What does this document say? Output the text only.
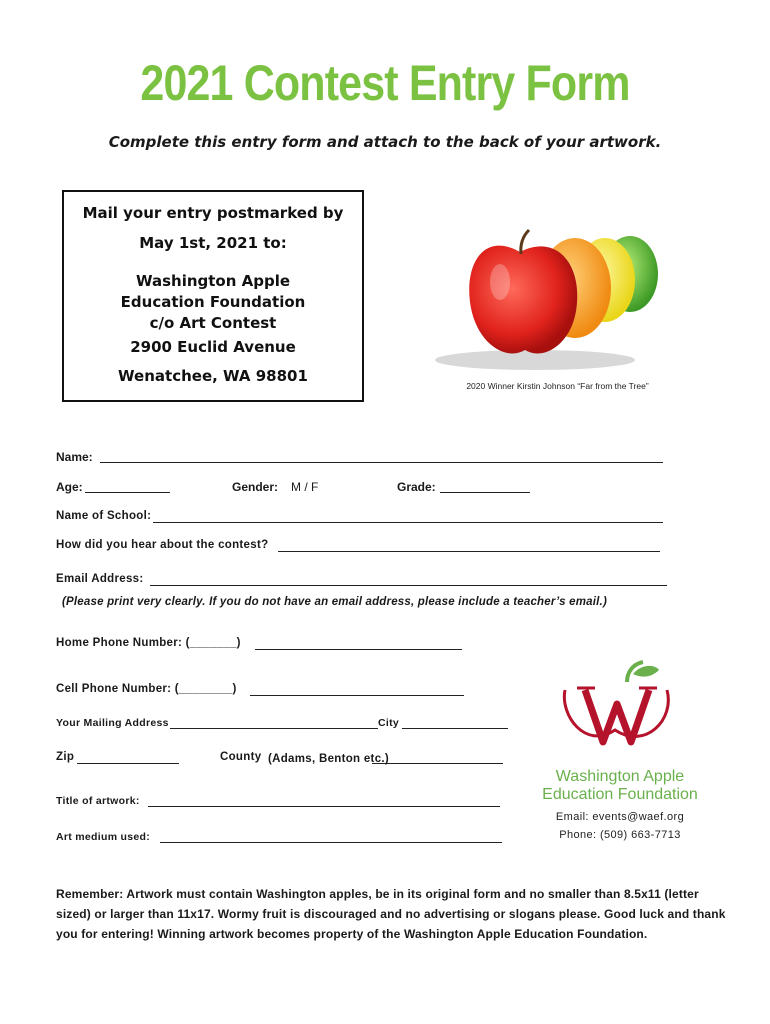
2021 Contest Entry Form
Complete this entry form and attach to the back of your artwork.
Mail your entry postmarked by
May 1st, 2021 to:
Washington Apple
Education Foundation
c/o Art Contest
2900 Euclid Avenue
Wenatchee, WA 98801
2020 Winner Kirstin Johnson “Far from the Tree”
Name:
Age:	Gender: M / F	Grade:
Name of School:
How did you hear about the contest?
Email Address:
(Please print very clearly. If you do not have an email address, please include a teacher’s email.)
Home Phone Number: (_______)
Cell Phone Number: (________)
Your Mailing Address	City
Zip	County (Adams, Benton etc.)
Title of artwork:
Art medium used:
Washington Apple
Education Foundation
Email: events@waef.org
Phone: (509) 663-7713
Remember: Artwork must contain Washington apples, be in its original form and no smaller than 8.5x11 (letter sized) or larger than 11x17. Wormy fruit is discouraged and no advertising or slogans please. Good luck and thank you for entering! Winning artwork becomes property of the Washington Apple Education Foundation.
